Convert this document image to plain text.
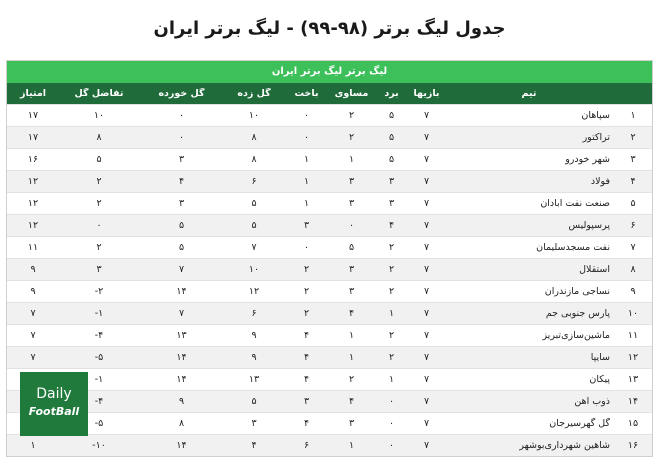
جدول لیگ برتر (۹۸-۹۹) - لیگ برتر ایران
لیگ برتر لیگ برتر ایران
تیم
بازیها
برد
مساوی
باخت
گل زده
گل خورده
تفاضل گل
امتیاز
۱
سپاهان
۷
۵
۲
۰
۱۰
۰
۱۰
۱۷
۲
تراکتور
۷
۵
۲
۰
۸
۰
۸
۱۷
۳
شهر خودرو
۷
۵
۱
۱
۸
۳
۵
۱۶
۴
فولاد
۷
۳
۳
۱
۶
۴
۲
۱۲
۵
صنعت نفت آبادان
۷
۳
۳
۱
۵
۳
۲
۱۲
۶
پرسپولیس
۷
۴
۰
۳
۵
۵
۰
۱۲
۷
نفت مسجدسلیمان
۷
۲
۵
۰
۷
۵
۲
۱۱
۸
استقلال
۷
۲
۳
۲
۱۰
۷
۳
۹
۹
نساجی مازندران
۷
۲
۳
۲
۱۲
۱۴
-۲
۹
۱۰
پارس جنوبی جم
۷
۱
۴
۲
۶
۷
-۱
۷
۱۱
ماشین‌سازی‌تبریز
۷
۲
۱
۴
۹
۱۳
-۴
۷
۱۲
سایپا
۷
۲
۱
۴
۹
۱۴
-۵
۷
۱۳
پیکان
۷
۱
۲
۴
۱۳
۱۴
-۱
۱۴
ذوب آهن
۷
۰
۴
۳
۵
۹
-۴
۱۵
گل گهرسیرجان
۷
۰
۳
۴
۳
۸
-۵
۱۶
شاهین شهرداری‌بوشهر
۷
۰
۱
۶
۴
۱۴
-۱۰
۱
Daily
FootBall
